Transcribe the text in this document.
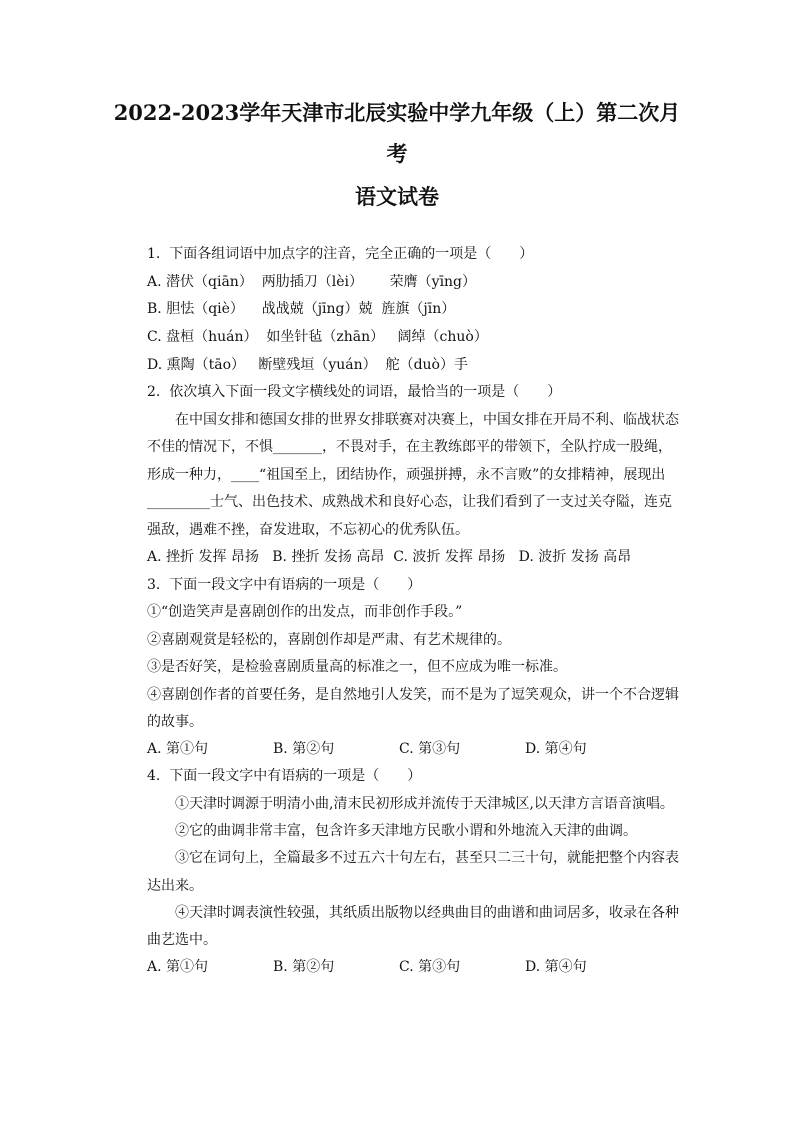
2022-2023学年天津市北辰实验中学九年级（上）第二次月
考
语文试卷
1.  下面各组词语中加点字的注音，完全正确的一项是（　　）
A. 潜伏（qiān）  两肋插刀（lèi）      荣膺（yīng）
B. 胆怯（qiè）    战战兢（jīng）兢  旌旗（jīn）
C. 盘桓（huán）  如坐针毡（zhān）   阔绰（chuò）
D. 熏陶（tāo）   断壁残垣（yuán）  舵（duò）手
2.  依次填入下面一段文字横线处的词语，最恰当的一项是（　　）
在中国女排和德国女排的世界女排联赛对决赛上，中国女排在开局不利、临战状态
不佳的情况下，不惧_______，不畏对手，在主教练郎平的带领下，全队拧成一股绳，
形成一种力，____“祖国至上，团结协作，顽强拼搏，永不言败”的女排精神，展现出
_________士气、出色技术、成熟战术和良好心态，让我们看到了一支过关夺隘，连克
强敌，遇难不挫，奋发进取，不忘初心的优秀队伍。
A. 挫折 发挥 昂扬   B. 挫折 发扬 高昂  C. 波折 发挥 昂扬   D. 波折 发扬 高昂
3.  下面一段文字中有语病的一项是（　　）
①“创造笑声是喜剧创作的出发点，而非创作手段。”
②喜剧观赏是轻松的，喜剧创作却是严肃、有艺术规律的。
③是否好笑，是检验喜剧质量高的标准之一，但不应成为唯一标准。
④喜剧创作者的首要任务，是自然地引人发笑，而不是为了逗笑观众，讲一个不合逻辑
的故事。
A. 第①句	B. 第②句	C. 第③句	D. 第④句
4.  下面一段文字中有语病的一项是（　　）
①天津时调源于明清小曲,清末民初形成并流传于天津城区,以天津方言语音演唱。
②它的曲调非常丰富，包含许多天津地方民歌小谓和外地流入天津的曲调。
③它在词句上，全篇最多不过五六十句左右，甚至只二三十句，就能把整个内容表
达出来。
④天津时调表演性较强，其纸质出版物以经典曲目的曲谱和曲词居多，收录在各种
曲艺选中。
A. 第①句	B. 第②句	C. 第③句	D. 第④句
